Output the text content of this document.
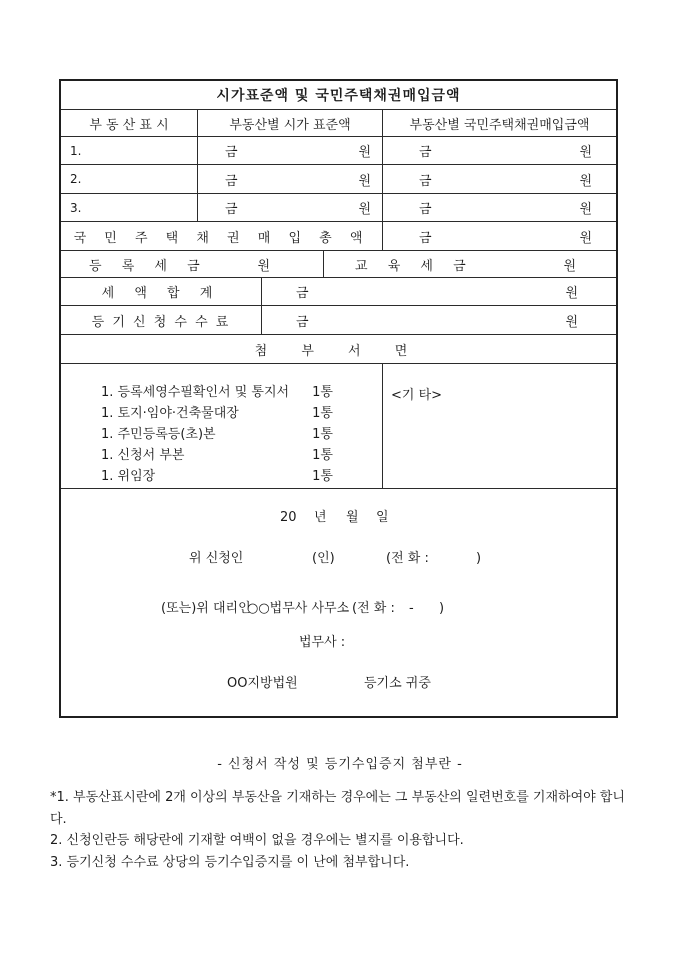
시가표준액 및 국민주택채권매입금액
부 동 산 표 시	부동산별 시가 표준액	부동산별 국민주택채권매입금액
1.	금	원	금	원
2.	금	원	금	원
3.	금	원	금	원
국 민 주 택 채 권 매 입 총 액	금	원
등 록 세 금	원	교 육 세 금	원
세 액 합 계	금	원
등 기 신 청 수 수 료	금	원
첨 부 서 면
1. 등록세영수필확인서 및 통지서 1통
1. 토지·임야·건축물대장	1통
1. 주민등록등(초)본	1통
1. 신청서 부본	1통
1. 위임장	1통
<기 타>
20 년 월 일
위 신청인	(인)	(전 화 :	)
(또는)위 대리인
○○법무사 사무소 (전 화 : - )
법무사 :
OO지방법원	등기소 귀중
- 신청서 작성 및 등기수입증지 첨부란 -
*1. 부동산표시란에 2개 이상의 부동산을 기재하는 경우에는 그 부동산의 일련번호를 기재하여야 합니다.
2. 신청인란등 해당란에 기재할 여백이 없을 경우에는 별지를 이용합니다.
3. 등기신청 수수료 상당의 등기수입증지를 이 난에 첨부합니다.
